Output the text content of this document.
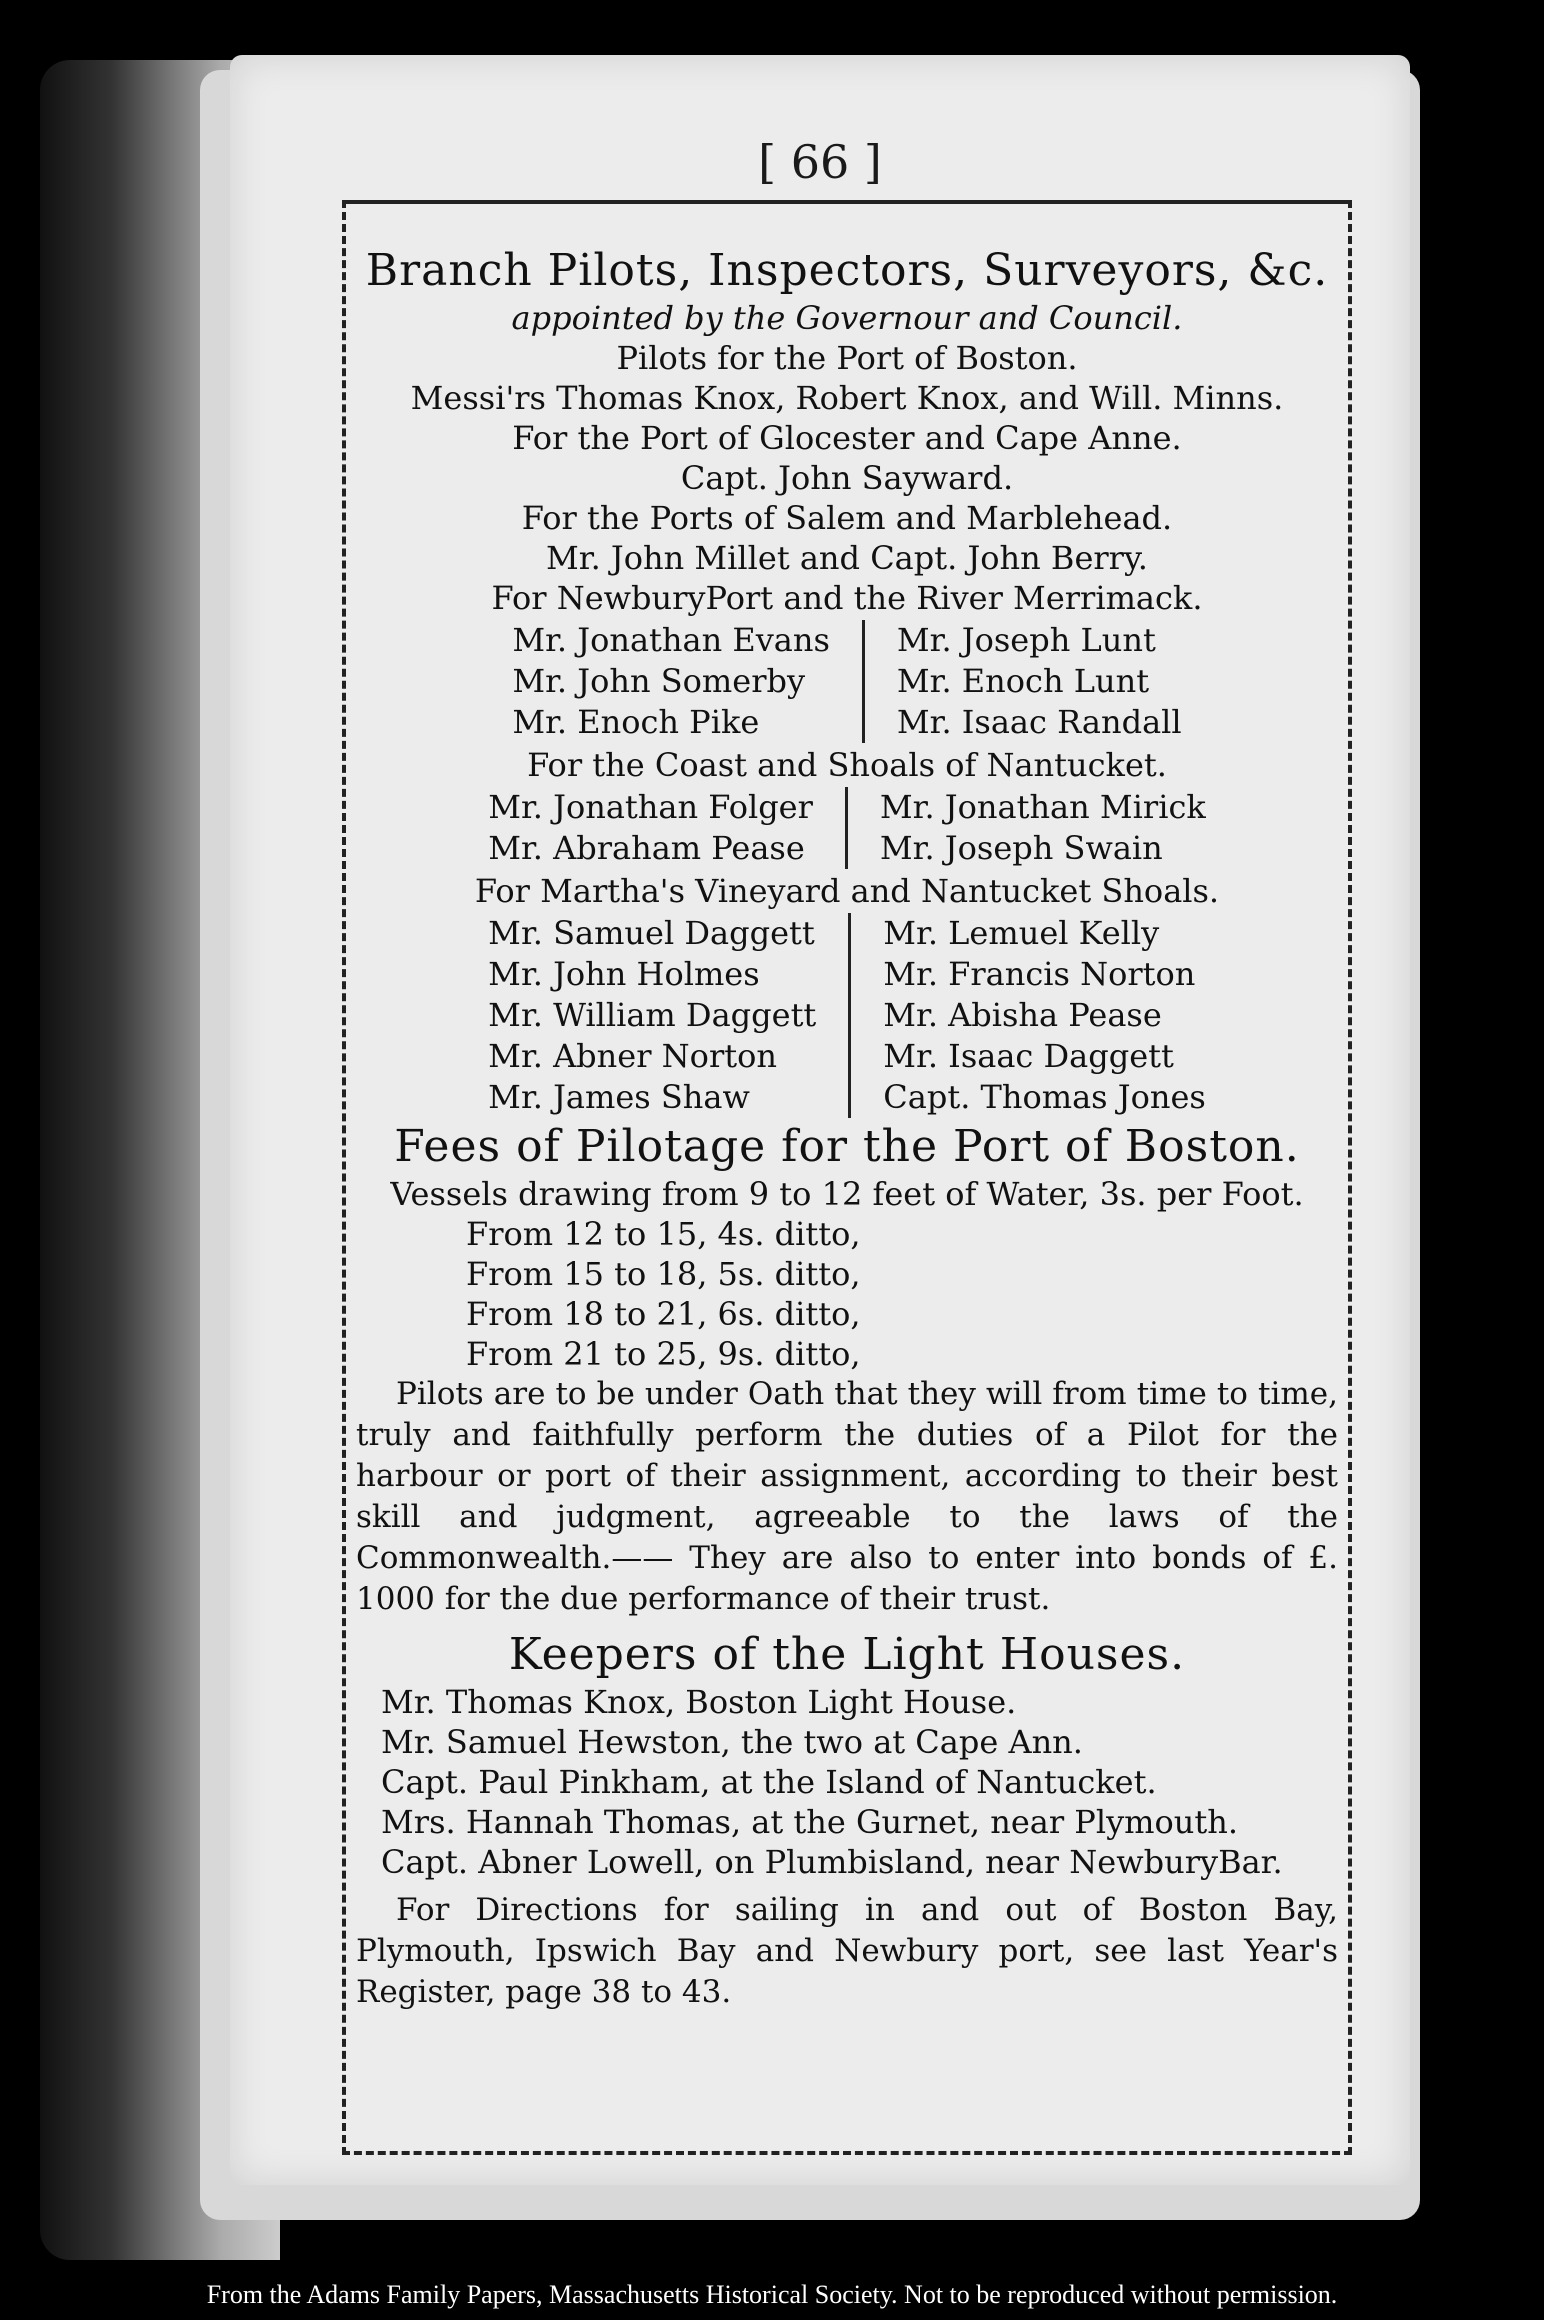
[ 66 ]
Branch Pilots, Inspectors, Surveyors, &c.
appointed by the Governour and Council.
Pilots for the Port of Boston.
Messi'rs Thomas Knox, Robert Knox, and Will. Minns.
For the Port of Glocester and Cape Anne.
Capt. John Sayward.
For the Ports of Salem and Marblehead.
Mr. John Millet and Capt. John Berry.
For NewburyPort and the River Merrimack.
Mr. Jonathan Evans
Mr. John Somerby
Mr. Enoch Pike
Mr. Joseph Lunt
Mr. Enoch Lunt
Mr. Isaac Randall
For the Coast and Shoals of Nantucket.
Mr. Jonathan Folger
Mr. Abraham Pease
Mr. Jonathan Mirick
Mr. Joseph Swain
For Martha's Vineyard and Nantucket Shoals.
Mr. Samuel Daggett
Mr. John Holmes
Mr. William Daggett
Mr. Abner Norton
Mr. James Shaw
Mr. Lemuel Kelly
Mr. Francis Norton
Mr. Abisha Pease
Mr. Isaac Daggett
Capt. Thomas Jones
Fees of Pilotage for the Port of Boston.
Vessels drawing from 9 to 12 feet of Water, 3s. per Foot.
From 12 to 15, 4s. ditto,
From 15 to 18, 5s. ditto,
From 18 to 21, 6s. ditto,
From 21 to 25, 9s. ditto,
Pilots are to be under Oath that they will from time to time, truly and faithfully perform the duties of a Pilot for the harbour or port of their assignment, according to their best skill and judgment, agreeable to the laws of the Commonwealth.—— They are also to enter into bonds of £. 1000 for the due performance of their trust.
Keepers of the Light Houses.
Mr. Thomas Knox, Boston Light House.
Mr. Samuel Hewston, the two at Cape Ann.
Capt. Paul Pinkham, at the Island of Nantucket.
Mrs. Hannah Thomas, at the Gurnet, near Plymouth.
Capt. Abner Lowell, on Plumbisland, near NewburyBar.
For Directions for sailing in and out of Boston Bay, Plymouth, Ipswich Bay and Newbury port, see last Year's Register, page 38 to 43.
From the Adams Family Papers, Massachusetts Historical Society. Not to be reproduced without permission.
